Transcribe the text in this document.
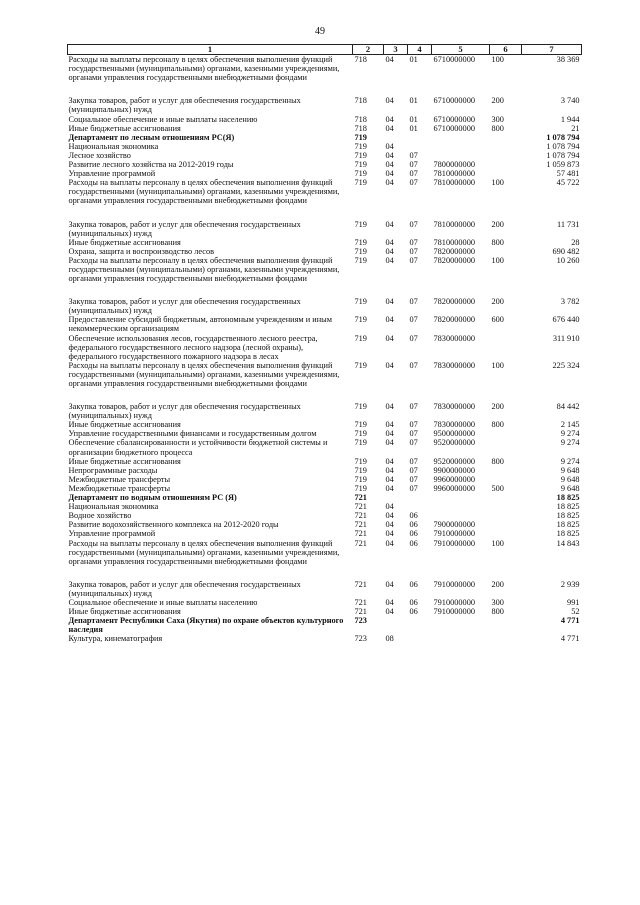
49
1	2	3	4	5	6	7
Расходы на выплаты персоналу в целях обеспечения выполнения функций государственными (муниципальными) органами, казенными учреждениями, органами управления государственными внебюджетными фондами	718	04	01	6710000000	100	38 369

Закупка товаров, работ и услуг для обеспечения государственных (муниципальных) нужд	718	04	01	6710000000	200	3 740
Социальное обеспечение и иные выплаты населению	718	04	01	6710000000	300	1 944
Иные бюджетные ассигнования	718	04	01	6710000000	800	21
Департамент по лесным отношениям РС(Я)	719					1 078 794
Национальная экономика	719	04				1 078 794
Лесное хозяйство	719	04	07			1 078 794
Развитие лесного хозяйства на 2012-2019 годы	719	04	07	7800000000		1 059 873
Управление программой	719	04	07	7810000000		57 481
Расходы на выплаты персоналу в целях обеспечения выполнения функций государственными (муниципальными) органами, казенными учреждениями, органами управления государственными внебюджетными фондами	719	04	07	7810000000	100	45 722

Закупка товаров, работ и услуг для обеспечения государственных (муниципальных) нужд	719	04	07	7810000000	200	11 731
Иные бюджетные ассигнования	719	04	07	7810000000	800	28
Охрана, защита и воспроизводство лесов	719	04	07	7820000000		690 482
Расходы на выплаты персоналу в целях обеспечения выполнения функций государственными (муниципальными) органами, казенными учреждениями, органами управления государственными внебюджетными фондами	719	04	07	7820000000	100	10 260

Закупка товаров, работ и услуг для обеспечения государственных (муниципальных) нужд	719	04	07	7820000000	200	3 782
Предоставление субсидий бюджетным, автономным учреждениям и иным некоммерческим организациям	719	04	07	7820000000	600	676 440
Обеспечение использования лесов, государственного лесного реестра, федерального государственного лесного надзора (лесной охраны), федерального государственного пожарного надзора в лесах	719	04	07	7830000000		311 910
Расходы на выплаты персоналу в целях обеспечения выполнения функций государственными (муниципальными) органами, казенными учреждениями, органами управления государственными внебюджетными фондами	719	04	07	7830000000	100	225 324

Закупка товаров, работ и услуг для обеспечения государственных (муниципальных) нужд	719	04	07	7830000000	200	84 442
Иные бюджетные ассигнования	719	04	07	7830000000	800	2 145
Управление государственными финансами и государственным долгом	719	04	07	9500000000		9 274
Обеспечение сбалансированности и устойчивости бюджетной системы и организации бюджетного процесса	719	04	07	9520000000		9 274
Иные бюджетные ассигнования	719	04	07	9520000000	800	9 274
Непрограммные расходы	719	04	07	9900000000		9 648
Межбюджетные трансферты	719	04	07	9960000000		9 648
Межбюджетные трансферты	719	04	07	9960000000	500	9 648
Департамент по водным отношениям РС (Я)	721					18 825
Национальная экономика	721	04				18 825
Водное хозяйство	721	04	06			18 825
Развитие водохозяйственного комплекса на 2012-2020 годы	721	04	06	7900000000		18 825
Управление программой	721	04	06	7910000000		18 825
Расходы на выплаты персоналу в целях обеспечения выполнения функций государственными (муниципальными) органами, казенными учреждениями, органами управления государственными внебюджетными фондами	721	04	06	7910000000	100	14 843

Закупка товаров, работ и услуг для обеспечения государственных (муниципальных) нужд	721	04	06	7910000000	200	2 939
Социальное обеспечение и иные выплаты населению	721	04	06	7910000000	300	991
Иные бюджетные ассигнования	721	04	06	7910000000	800	52
Департамент Республики Саха (Якутия) по охране объектов культурного наследия	723					4 771
Культура, кинематография	723	08				4 771
